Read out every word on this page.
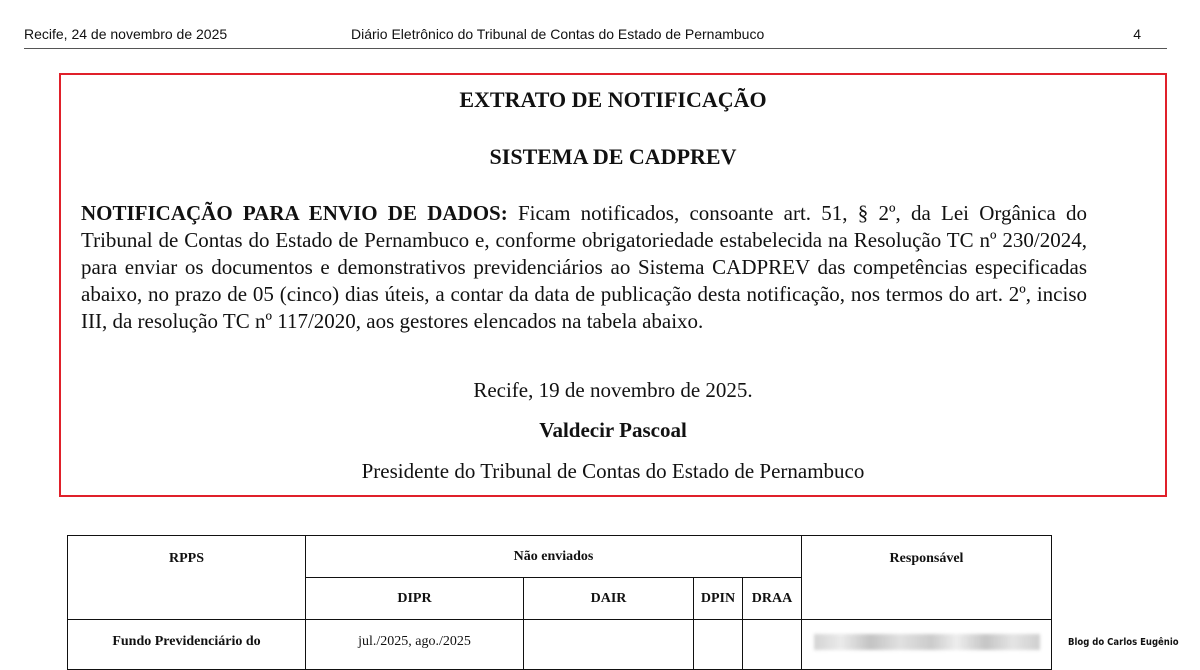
Recife, 24 de novembro de 2025	Diário Eletrônico do Tribunal de Contas do Estado de Pernambuco	4
EXTRATO DE NOTIFICAÇÃO
SISTEMA DE CADPREV
NOTIFICAÇÃO PARA ENVIO DE DADOS: Ficam notificados, consoante art. 51, § 2º, da Lei Orgânica do Tribunal de Contas do Estado de Pernambuco e, conforme obrigatoriedade estabelecida na Resolução TC nº 230/2024, para enviar os documentos e demonstrativos previdenciários ao Sistema CADPREV das competências especificadas abaixo, no prazo de 05 (cinco) dias úteis, a contar da data de publicação desta notificação, nos termos do art. 2º, inciso III, da resolução TC nº 117/2020, aos gestores elencados na tabela abaixo.
Recife, 19 de novembro de 2025.
Valdecir Pascoal
Presidente do Tribunal de Contas do Estado de Pernambuco
RPPS	Não enviados				Responsável
	DIPR	DAIR	DPIN	DRAA	
Fundo Previdenciário do	jul./2025, ago./2025					Blog do Carlos Eugênio
